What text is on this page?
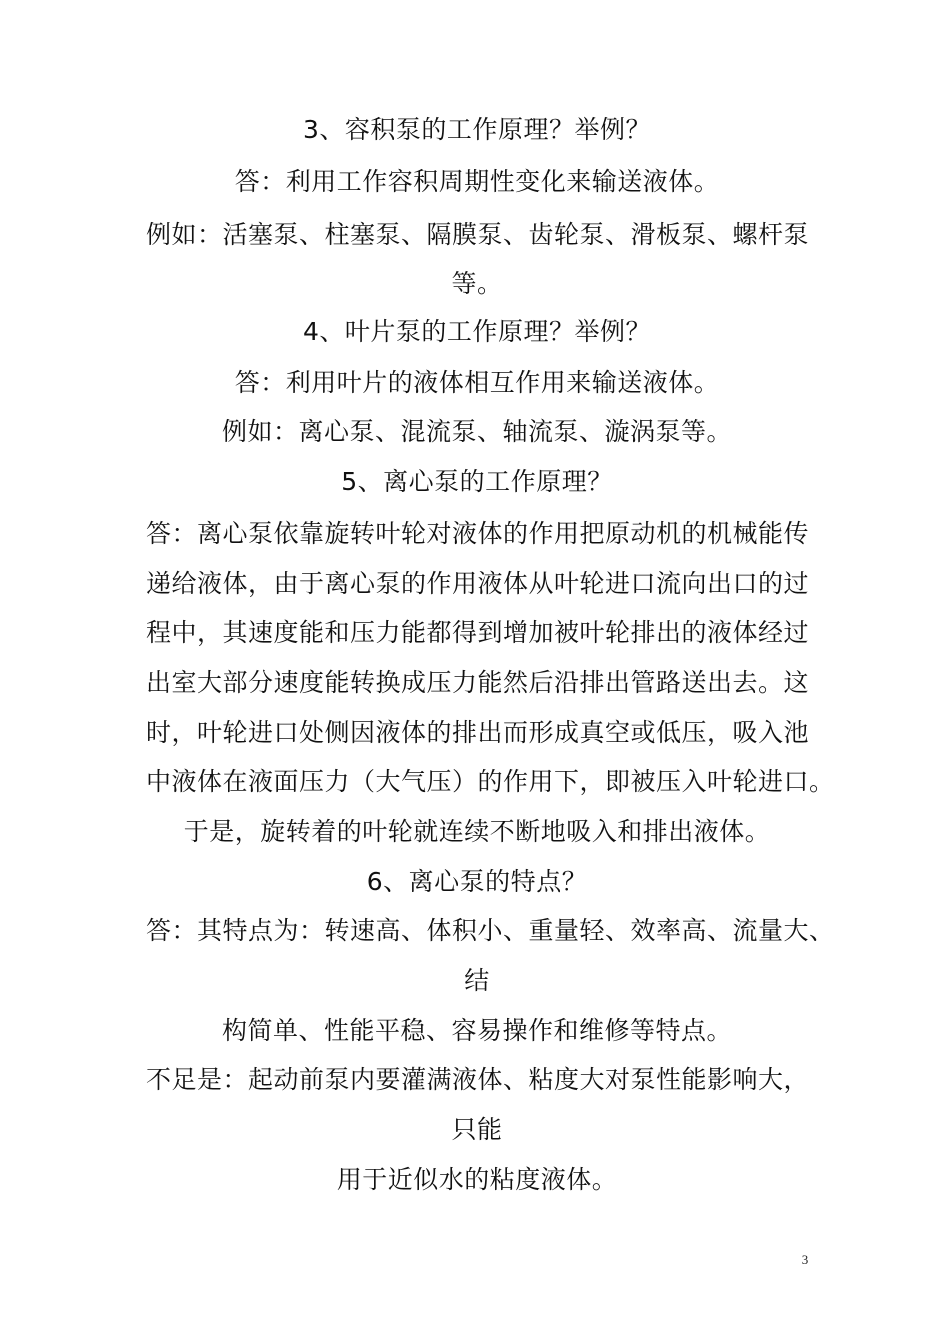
3、容积泵的工作原理？举例？
答：利用工作容积周期性变化来输送液体。
例如：活塞泵、柱塞泵、隔膜泵、齿轮泵、滑板泵、螺杆泵
等。
4、叶片泵的工作原理？举例？
答：利用叶片的液体相互作用来输送液体。
例如：离心泵、混流泵、轴流泵、漩涡泵等。
5、离心泵的工作原理？
答：离心泵依靠旋转叶轮对液体的作用把原动机的机械能传
递给液体，由于离心泵的作用液体从叶轮进口流向出口的过
程中，其速度能和压力能都得到增加被叶轮排出的液体经过
出室大部分速度能转换成压力能然后沿排出管路送出去。这
时，叶轮进口处侧因液体的排出而形成真空或低压，吸入池
中液体在液面压力（大气压）的作用下，即被压入叶轮进口。
于是，旋转着的叶轮就连续不断地吸入和排出液体。
6、离心泵的特点？
答：其特点为：转速高、体积小、重量轻、效率高、流量大、
结
构简单、性能平稳、容易操作和维修等特点。
不足是：起动前泵内要灌满液体、粘度大对泵性能影响大，
只能
用于近似水的粘度液体。
3
